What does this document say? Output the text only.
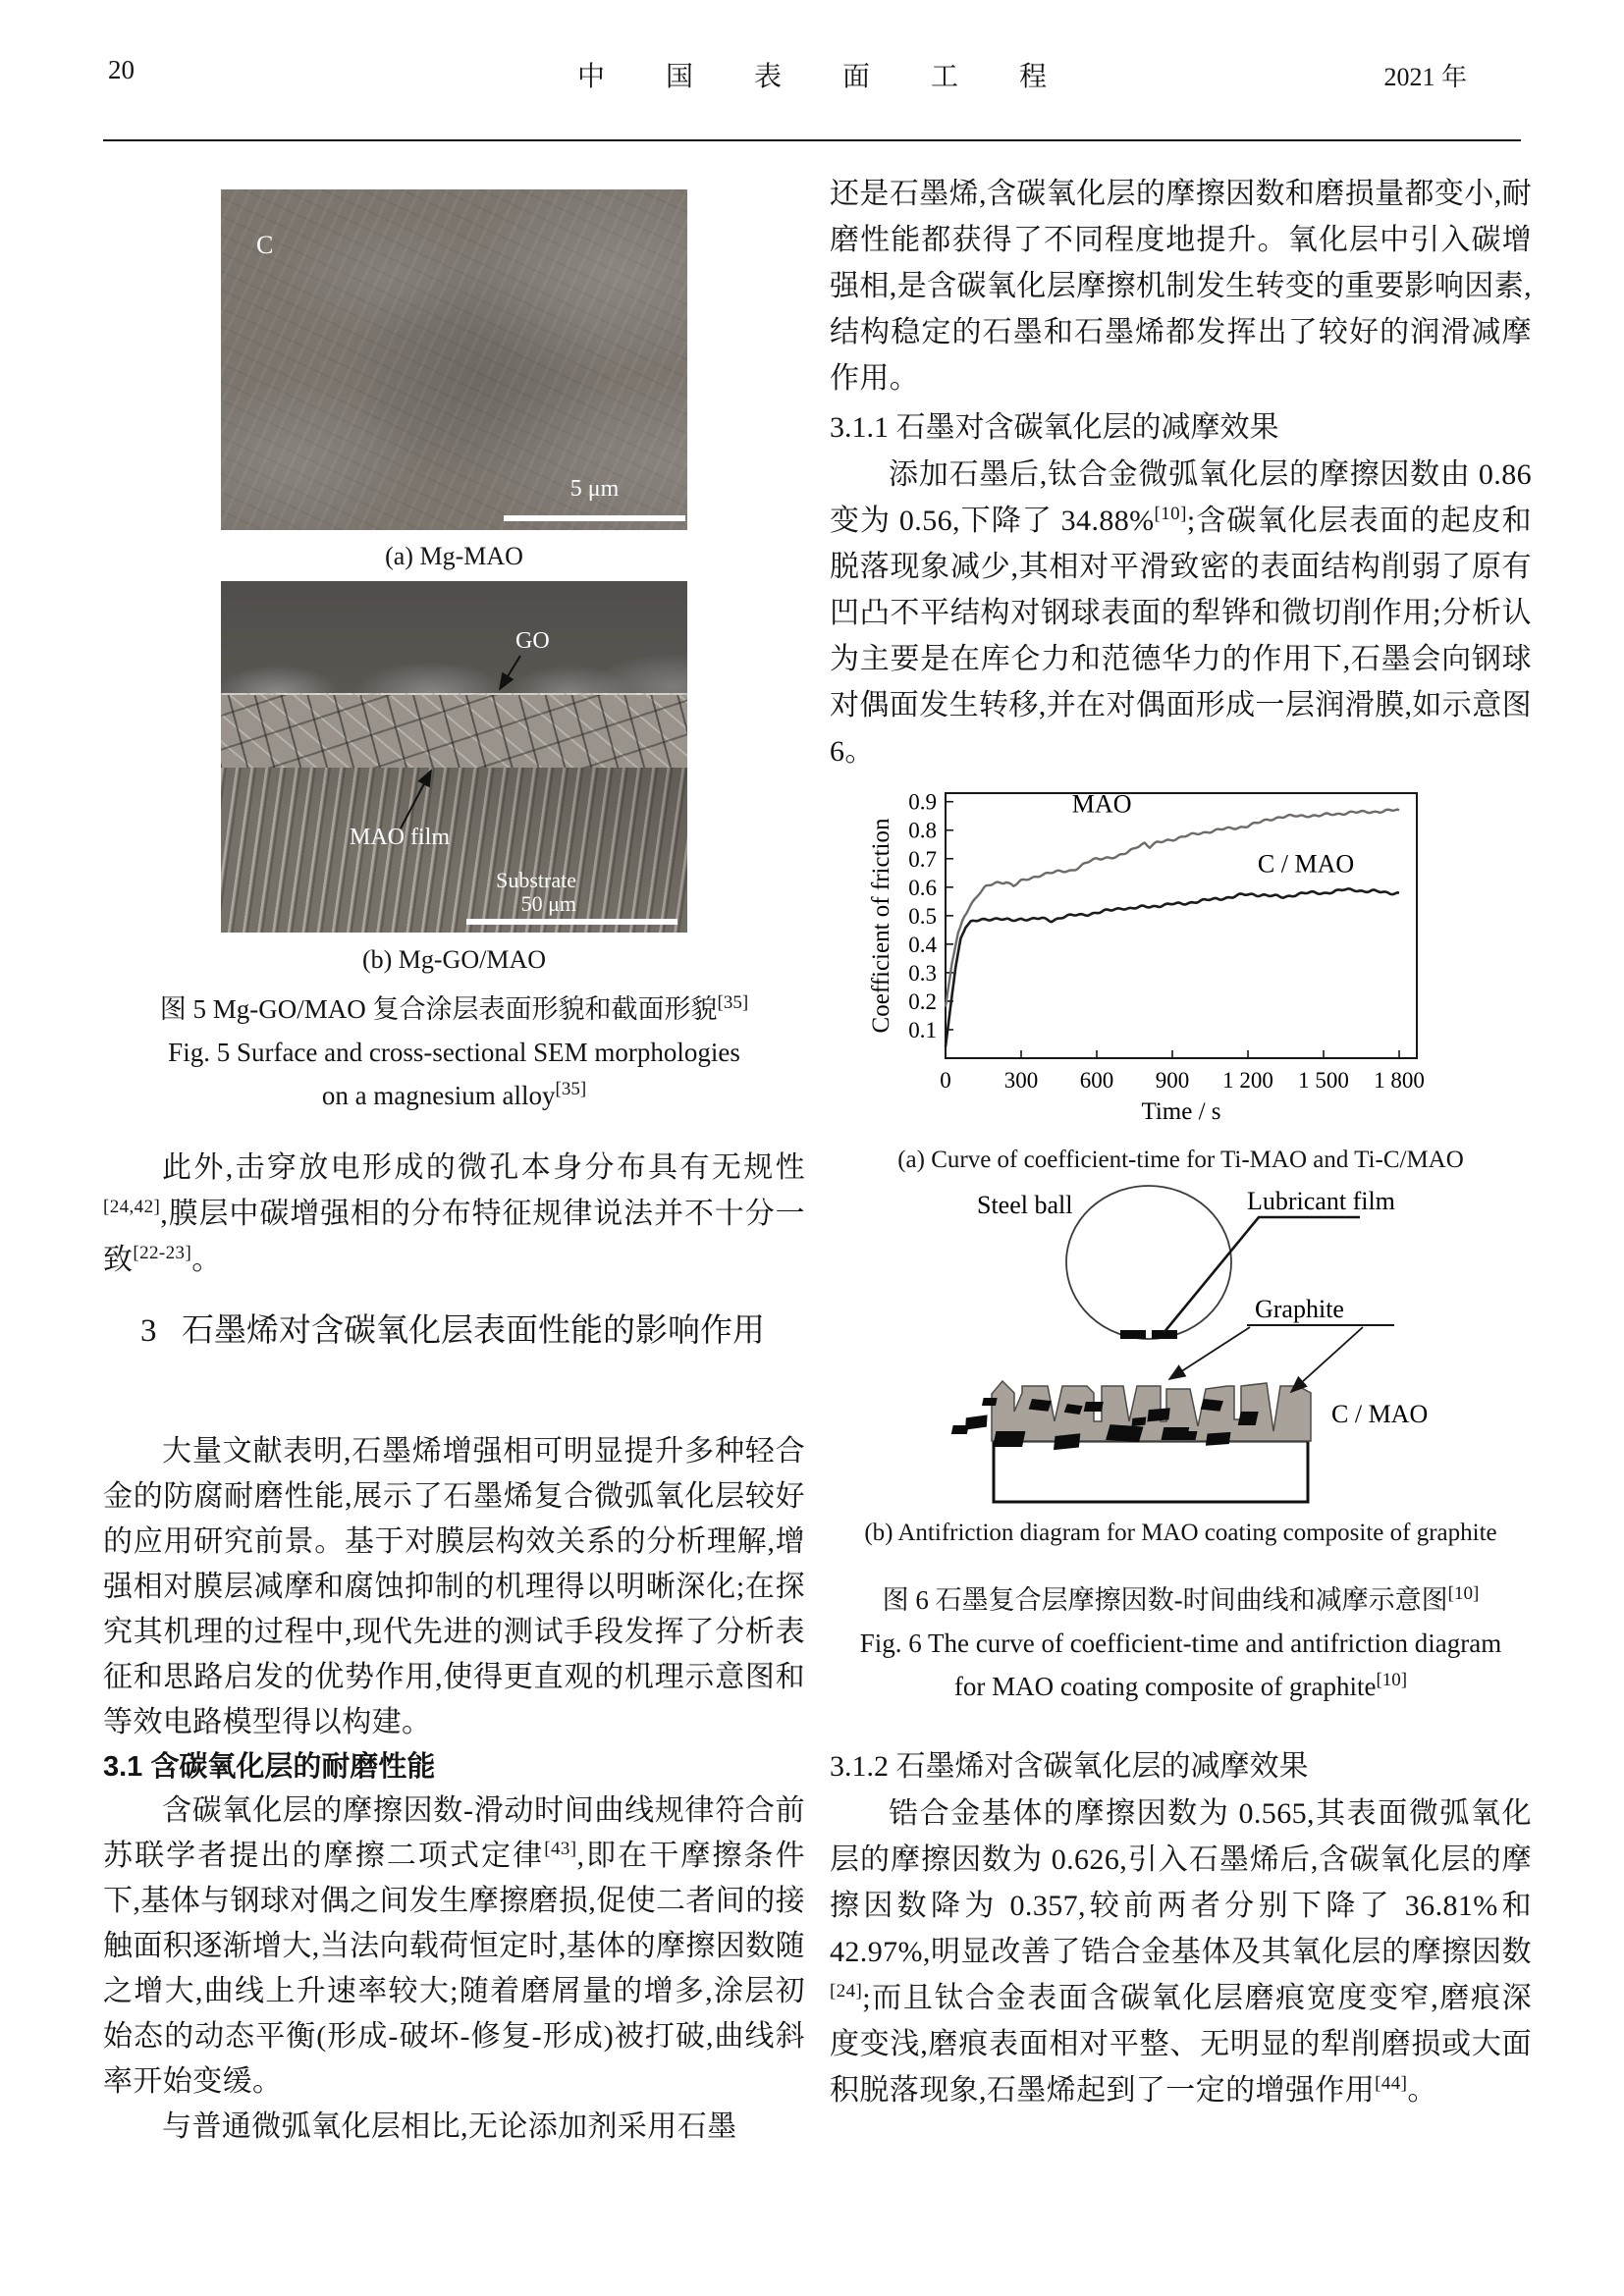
20	中 国 表 面 工 程	2021 年
C
5 μm
(a) Mg-MAO
GO
MAO film
Substrate
50 μm
(b) Mg-GO/MAO
图 5 Mg-GO/MAO 复合涂层表面形貌和截面形貌[35]
Fig. 5 Surface and cross-sectional SEM morphologies
on a magnesium alloy[35]

此外,击穿放电形成的微孔本身分布具有无规性[24,42],膜层中碳增强相的分布特征规律说法并不十分一致[22-23]。

3 石墨烯对含碳氧化层表面性能的影响作用

大量文献表明,石墨烯增强相可明显提升多种轻合金的防腐耐磨性能,展示了石墨烯复合微弧氧化层较好的应用研究前景。基于对膜层构效关系的分析理解,增强相对膜层减摩和腐蚀抑制的机理得以明晰深化;在探究其机理的过程中,现代先进的测试手段发挥了分析表征和思路启发的优势作用,使得更直观的机理示意图和等效电路模型得以构建。

3.1 含碳氧化层的耐磨性能

含碳氧化层的摩擦因数-滑动时间曲线规律符合前苏联学者提出的摩擦二项式定律[43],即在干摩擦条件下,基体与钢球对偶之间发生摩擦磨损,促使二者间的接触面积逐渐增大,当法向载荷恒定时,基体的摩擦因数随之增大,曲线上升速率较大;随着磨屑量的增多,涂层初始态的动态平衡(形成-破坏-修复-形成)被打破,曲线斜率开始变缓。

与普通微弧氧化层相比,无论添加剂采用石墨

还是石墨烯,含碳氧化层的摩擦因数和磨损量都变小,耐磨性能都获得了不同程度地提升。氧化层中引入碳增强相,是含碳氧化层摩擦机制发生转变的重要影响因素,结构稳定的石墨和石墨烯都发挥出了较好的润滑减摩作用。

3.1.1 石墨对含碳氧化层的减摩效果

添加石墨后,钛合金微弧氧化层的摩擦因数由 0.86 变为 0.56,下降了 34.88%[10];含碳氧化层表面的起皮和脱落现象减少,其相对平滑致密的表面结构削弱了原有凹凸不平结构对钢球表面的犁铧和微切削作用;分析认为主要是在库仑力和范德华力的作用下,石墨会向钢球对偶面发生转移,并在对偶面形成一层润滑膜,如示意图 6。

0.1
0.2
0.3
0.4
0.5
0.6
0.7
0.8
0.9
0 300 600 900 1 200 1 500 1 800
Time / s
Coefficient of friction
MAO
C / MAO
(a) Curve of coefficient-time for Ti-MAO and Ti-C/MAO
Steel ball	Lubricant film
Graphite
C / MAO
(b) Antifriction diagram for MAO coating composite of graphite
图 6 石墨复合层摩擦因数-时间曲线和减摩示意图[10]
Fig. 6 The curve of coefficient-time and antifriction diagram
for MAO coating composite of graphite[10]
3.1.2 石墨烯对含碳氧化层的减摩效果

锆合金基体的摩擦因数为 0.565,其表面微弧氧化层的摩擦因数为 0.626,引入石墨烯后,含碳氧化层的摩擦因数降为 0.357,较前两者分别下降了 36.81%和 42.97%,明显改善了锆合金基体及其氧化层的摩擦因数[24];而且钛合金表面含碳氧化层磨痕宽度变窄,磨痕深度变浅,磨痕表面相对平整、无明显的犁削磨损或大面积脱落现象,石墨烯起到了一定的增强作用[44]。
